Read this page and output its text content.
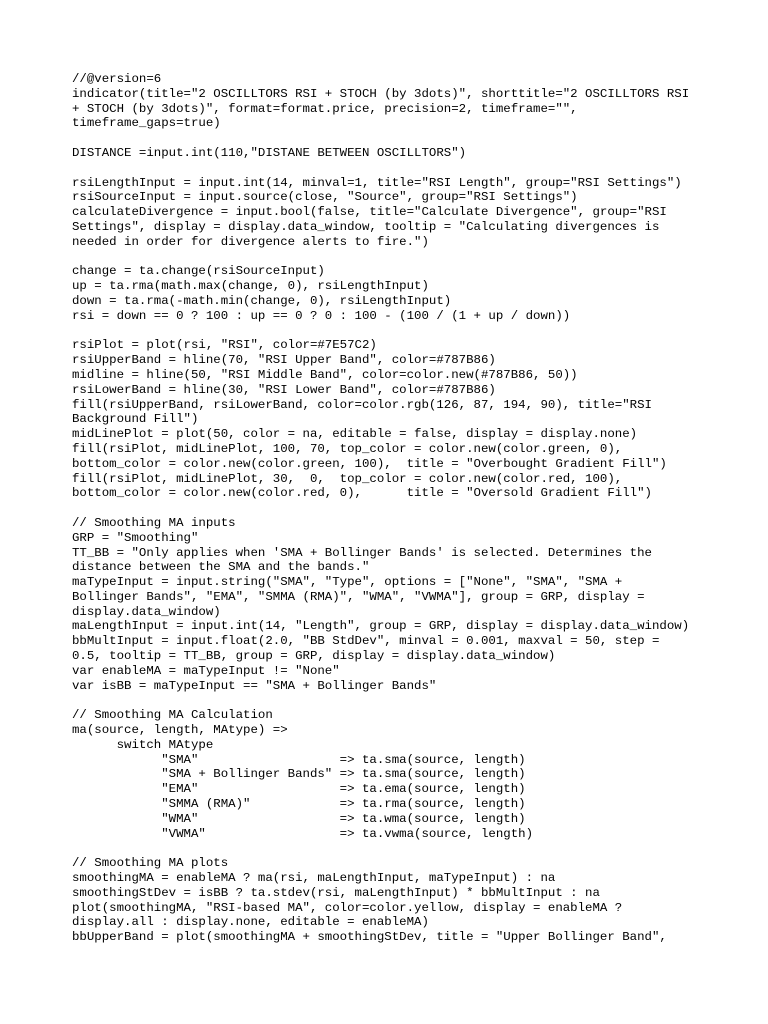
//@version=6
indicator(title="2 OSCILLTORS RSI + STOCH (by 3dots)", shorttitle="2 OSCILLTORS RSI
+ STOCH (by 3dots)", format=format.price, precision=2, timeframe="",
timeframe_gaps=true)
DISTANCE =input.int(110,"DISTANE BETWEEN OSCILLTORS")
rsiLengthInput = input.int(14, minval=1, title="RSI Length", group="RSI Settings")
rsiSourceInput = input.source(close, "Source", group="RSI Settings")
calculateDivergence = input.bool(false, title="Calculate Divergence", group="RSI
Settings", display = display.data_window, tooltip = "Calculating divergences is
needed in order for divergence alerts to fire.")
change = ta.change(rsiSourceInput)
up = ta.rma(math.max(change, 0), rsiLengthInput)
down = ta.rma(-math.min(change, 0), rsiLengthInput)
rsi = down == 0 ? 100 : up == 0 ? 0 : 100 - (100 / (1 + up / down))
rsiPlot = plot(rsi, "RSI", color=#7E57C2)
rsiUpperBand = hline(70, "RSI Upper Band", color=#787B86)
midline = hline(50, "RSI Middle Band", color=color.new(#787B86, 50))
rsiLowerBand = hline(30, "RSI Lower Band", color=#787B86)
fill(rsiUpperBand, rsiLowerBand, color=color.rgb(126, 87, 194, 90), title="RSI
Background Fill")
midLinePlot = plot(50, color = na, editable = false, display = display.none)
fill(rsiPlot, midLinePlot, 100, 70, top_color = color.new(color.green, 0),
bottom_color = color.new(color.green, 100),  title = "Overbought Gradient Fill")
fill(rsiPlot, midLinePlot, 30,  0,  top_color = color.new(color.red, 100),
bottom_color = color.new(color.red, 0),      title = "Oversold Gradient Fill")
// Smoothing MA inputs
GRP = "Smoothing"
TT_BB = "Only applies when 'SMA + Bollinger Bands' is selected. Determines the
distance between the SMA and the bands."
maTypeInput = input.string("SMA", "Type", options = ["None", "SMA", "SMA +
Bollinger Bands", "EMA", "SMMA (RMA)", "WMA", "VWMA"], group = GRP, display =
display.data_window)
maLengthInput = input.int(14, "Length", group = GRP, display = display.data_window)
bbMultInput = input.float(2.0, "BB StdDev", minval = 0.001, maxval = 50, step =
0.5, tooltip = TT_BB, group = GRP, display = display.data_window)
var enableMA = maTypeInput != "None"
var isBB = maTypeInput == "SMA + Bollinger Bands"
// Smoothing MA Calculation
ma(source, length, MAtype) =>
switch MAtype
"SMA"                   => ta.sma(source, length)
"SMA + Bollinger Bands" => ta.sma(source, length)
"EMA"                   => ta.ema(source, length)
"SMMA (RMA)"            => ta.rma(source, length)
"WMA"                   => ta.wma(source, length)
"VWMA"                  => ta.vwma(source, length)
// Smoothing MA plots
smoothingMA = enableMA ? ma(rsi, maLengthInput, maTypeInput) : na
smoothingStDev = isBB ? ta.stdev(rsi, maLengthInput) * bbMultInput : na
plot(smoothingMA, "RSI-based MA", color=color.yellow, display = enableMA ?
display.all : display.none, editable = enableMA)
bbUpperBand = plot(smoothingMA + smoothingStDev, title = "Upper Bollinger Band",
